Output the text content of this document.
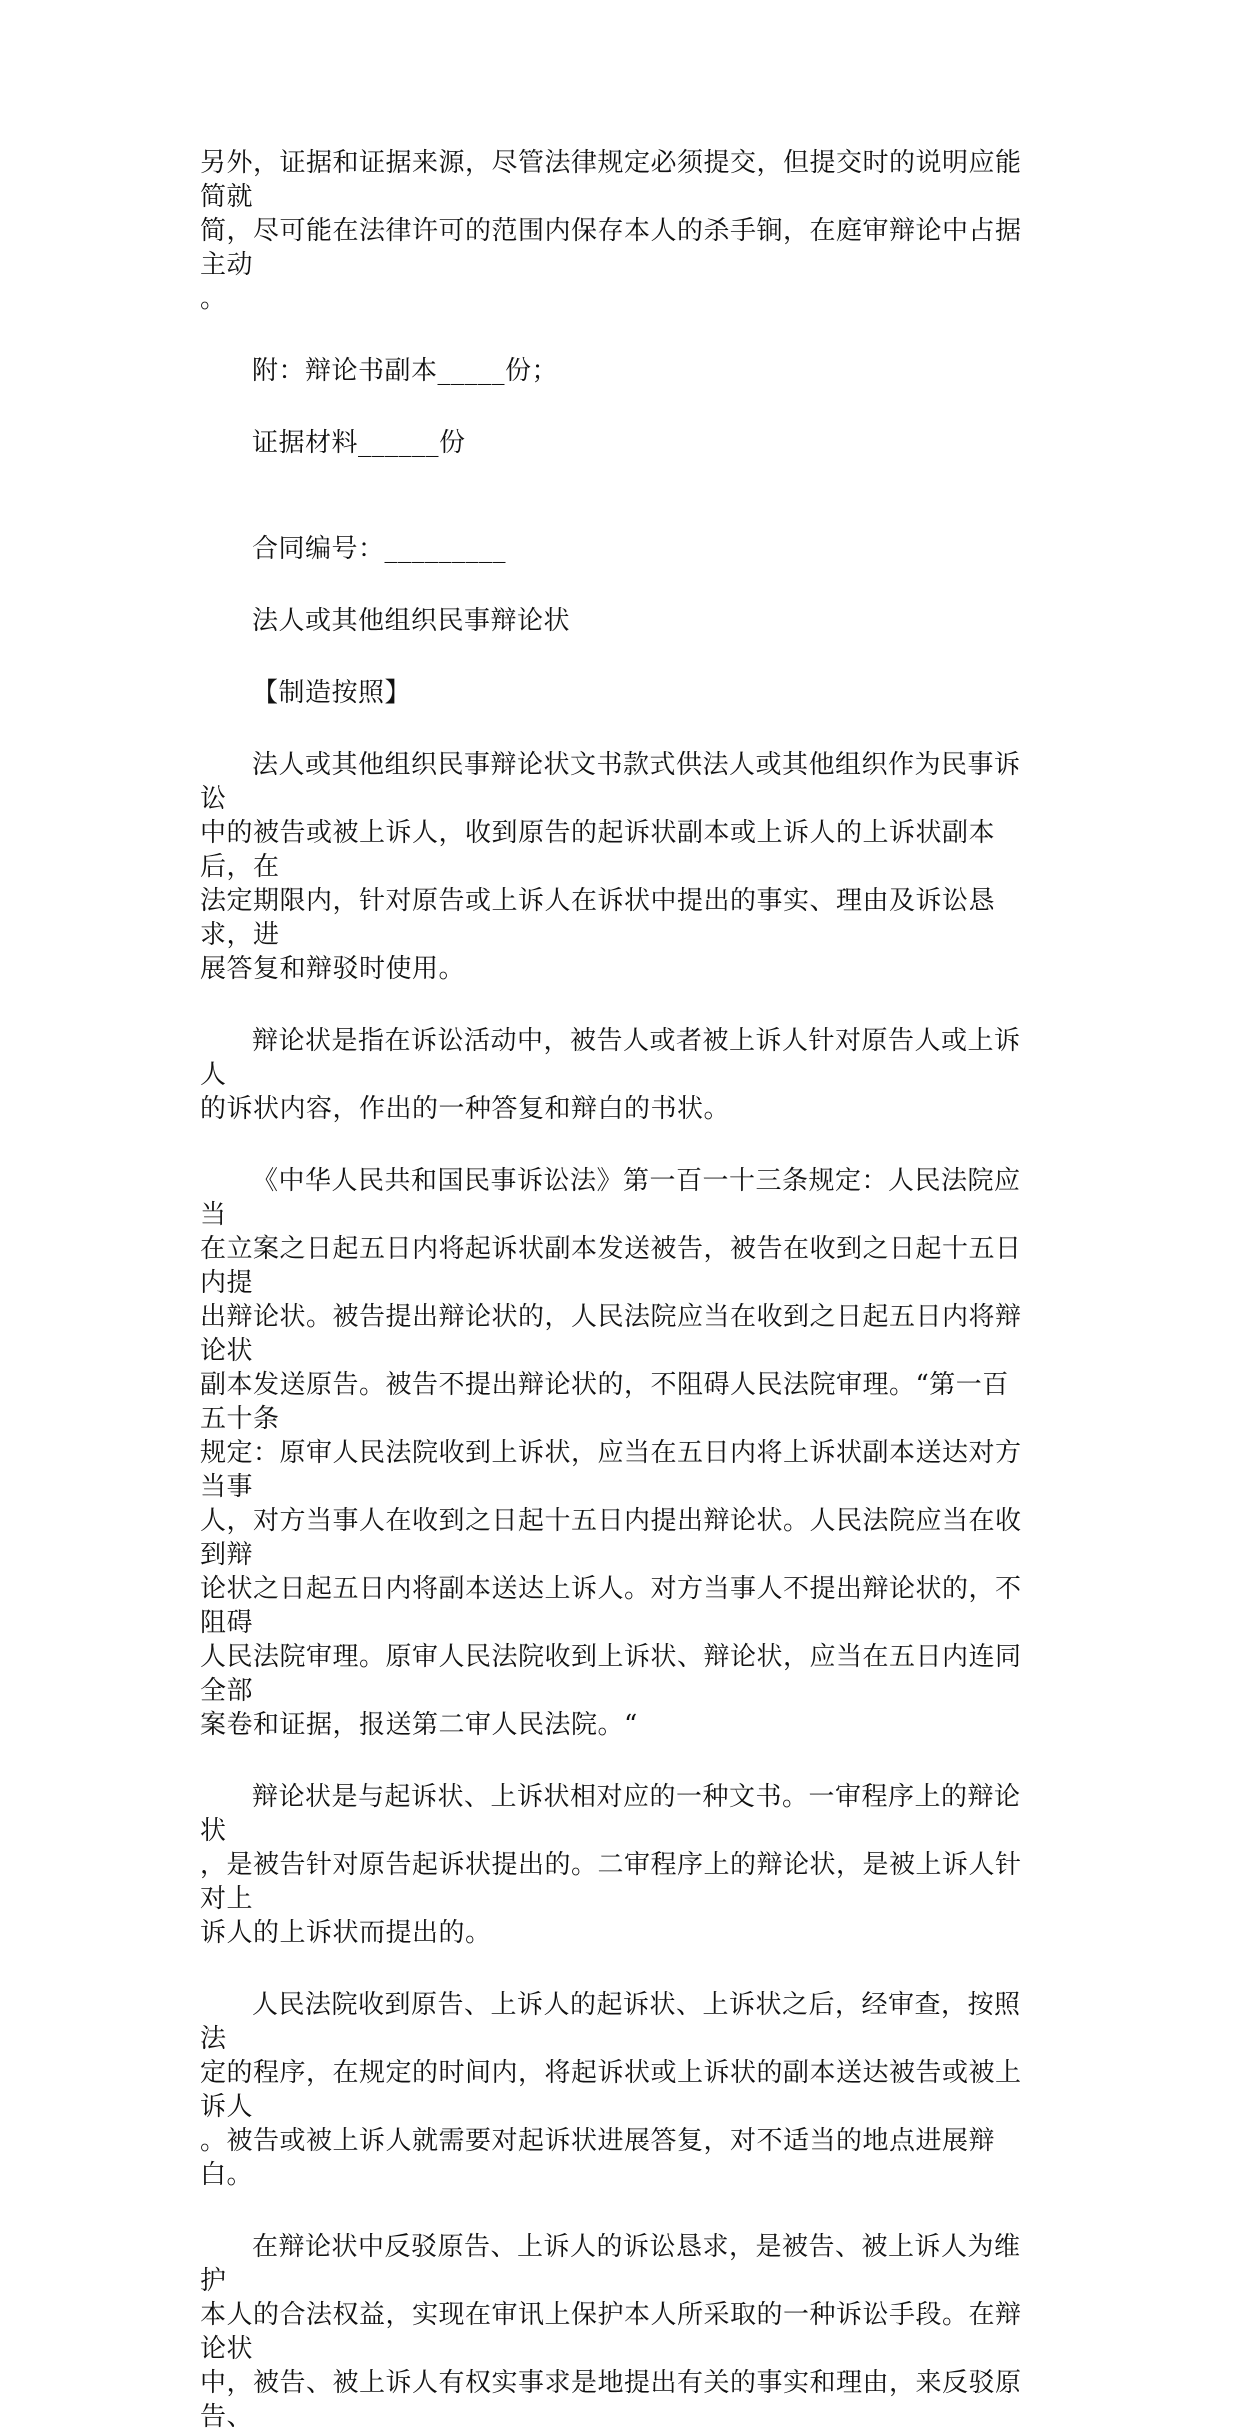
另外，证据和证据来源，尽管法律规定必须提交，但提交时的说明应能简就
简，尽可能在法律许可的范围内保存本人的杀手锏，在庭审辩论中占据主动
。

附：辩论书副本_____份；

证据材料______份

合同编号：_________

法人或其他组织民事辩论状

【制造按照】

法人或其他组织民事辩论状文书款式供法人或其他组织作为民事诉讼
中的被告或被上诉人，收到原告的起诉状副本或上诉人的上诉状副本后，在
法定期限内，针对原告或上诉人在诉状中提出的事实、理由及诉讼恳求，进
展答复和辩驳时使用。

辩论状是指在诉讼活动中，被告人或者被上诉人针对原告人或上诉人
的诉状内容，作出的一种答复和辩白的书状。

《中华人民共和国民事诉讼法》第一百一十三条规定：人民法院应当
在立案之日起五日内将起诉状副本发送被告，被告在收到之日起十五日内提
出辩论状。被告提出辩论状的，人民法院应当在收到之日起五日内将辩论状
副本发送原告。被告不提出辩论状的，不阻碍人民法院审理。“第一百五十条
规定：原审人民法院收到上诉状，应当在五日内将上诉状副本送达对方当事
人，对方当事人在收到之日起十五日内提出辩论状。人民法院应当在收到辩
论状之日起五日内将副本送达上诉人。对方当事人不提出辩论状的，不阻碍
人民法院审理。原审人民法院收到上诉状、辩论状，应当在五日内连同全部
案卷和证据，报送第二审人民法院。“

辩论状是与起诉状、上诉状相对应的一种文书。一审程序上的辩论状
，是被告针对原告起诉状提出的。二审程序上的辩论状，是被上诉人针对上
诉人的上诉状而提出的。

人民法院收到原告、上诉人的起诉状、上诉状之后，经审查，按照法
定的程序，在规定的时间内，将起诉状或上诉状的副本送达被告或被上诉人
。被告或被上诉人就需要对起诉状进展答复，对不适当的地点进展辩白。

在辩论状中反驳原告、上诉人的诉讼恳求，是被告、被上诉人为维护
本人的合法权益，实现在审讯上保护本人所采取的一种诉讼手段。在辩论状
中，被告、被上诉人有权实事求是地提出有关的事实和理由，来反驳原告、
